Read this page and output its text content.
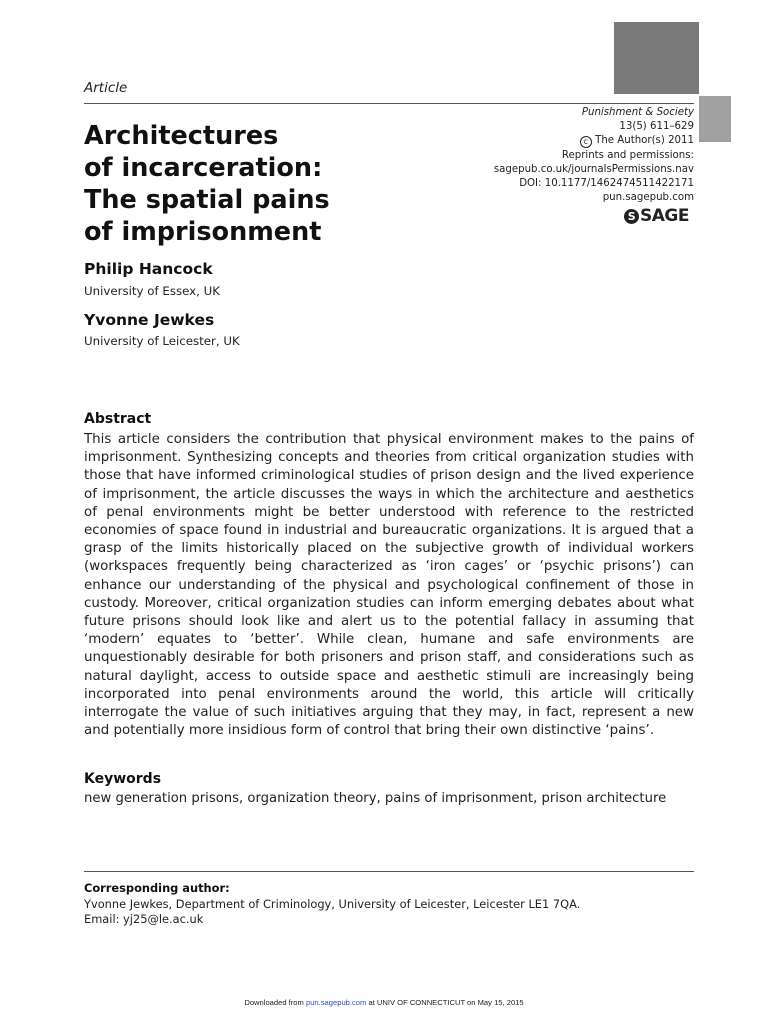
Article
Punishment & Society
13(5) 611–629
c The Author(s) 2011
Reprints and permissions:
sagepub.co.uk/journalsPermissions.nav
DOI: 10.1177/1462474511422171
pun.sagepub.com
S SAGE
Architectures
of incarceration:
The spatial pains
of imprisonment
Philip Hancock
University of Essex, UK
Yvonne Jewkes
University of Leicester, UK
Abstract
This article considers the contribution that physical environment makes to the pains of imprisonment. Synthesizing concepts and theories from critical organization studies with those that have informed criminological studies of prison design and the lived experience of imprisonment, the article discusses the ways in which the architecture and aesthetics of penal environments might be better understood with reference to the restricted economies of space found in industrial and bureaucratic organizations. It is argued that a grasp of the limits historically placed on the subjective growth of individual workers (workspaces frequently being characterized as ‘iron cages’ or ‘psychic prisons’) can enhance our understanding of the physical and psychological confinement of those in custody. Moreover, critical organization studies can inform emerging debates about what future prisons should look like and alert us to the potential fallacy in assuming that ‘modern’ equates to ‘better’. While clean, humane and safe environments are unquestionably desirable for both prisoners and prison staff, and considerations such as natural daylight, access to outside space and aesthetic stimuli are increasingly being incorporated into penal environments around the world, this article will critically interrogate the value of such initiatives arguing that they may, in fact, represent a new and potentially more insidious form of control that bring their own distinctive ‘pains’.
Keywords
new generation prisons, organization theory, pains of imprisonment, prison architecture
Corresponding author:
Yvonne Jewkes, Department of Criminology, University of Leicester, Leicester LE1 7QA.
Email: yj25@le.ac.uk
Downloaded from pun.sagepub.com at UNIV OF CONNECTICUT on May 15, 2015
